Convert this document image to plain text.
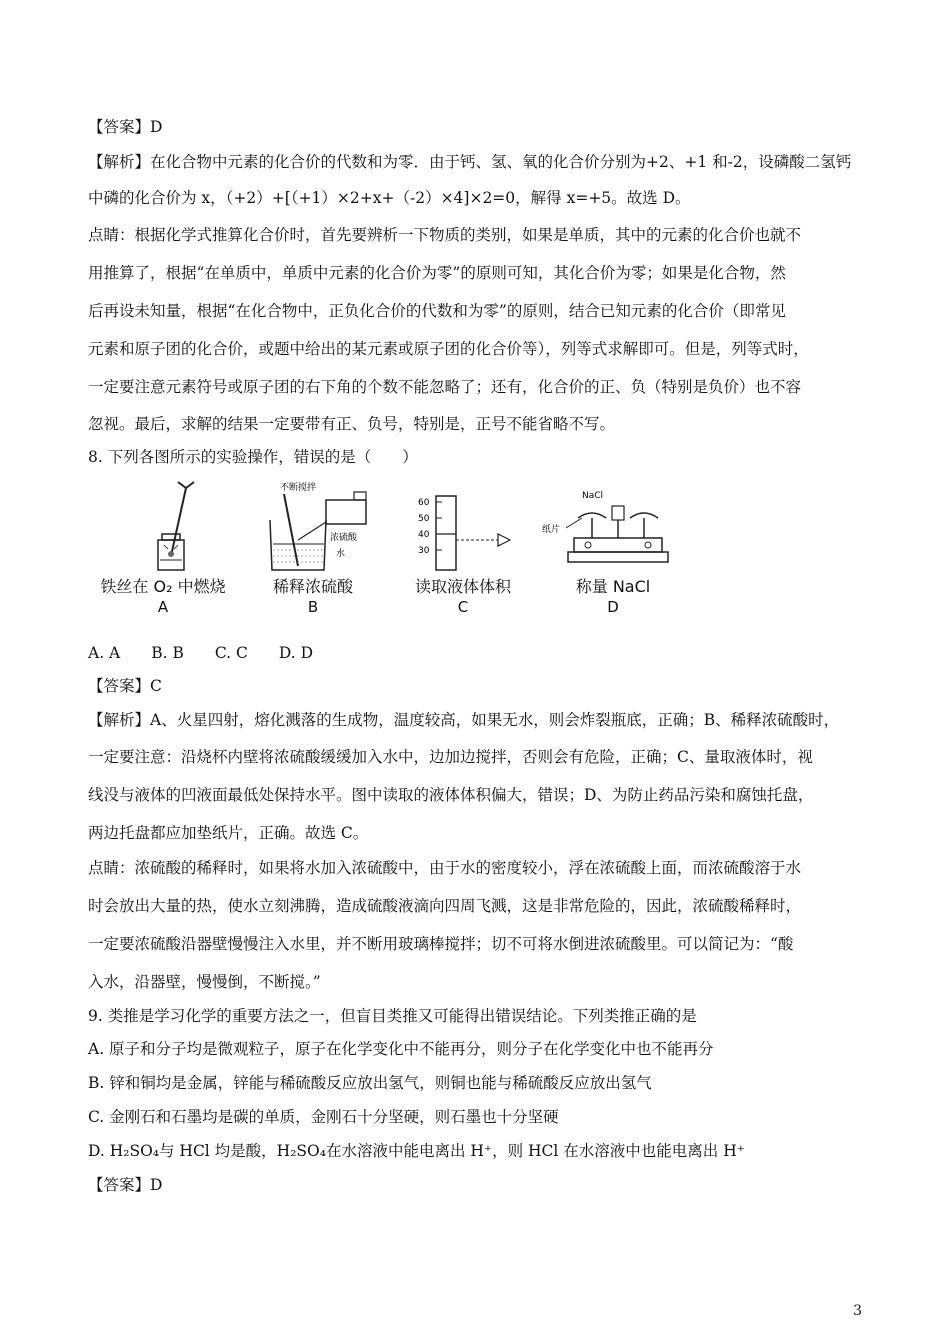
【答案】D
【解析】在化合物中元素的化合价的代数和为零．由于钙、氢、氧的化合价分别为+2、+1 和-2，设磷酸二氢钙
中磷的化合价为 x，（+2）+[（+1）×2+x+（-2）×4]×2=0，解得 x=+5。故选 D。
点睛：根据化学式推算化合价时，首先要辨析一下物质的类别，如果是单质，其中的元素的化合价也就不
用推算了，根据“在单质中，单质中元素的化合价为零”的原则可知，其化合价为零；如果是化合物，然
后再设未知量，根据“在化合物中，正负化合价的代数和为零”的原则，结合已知元素的化合价（即常见
元素和原子团的化合价，或题中给出的某元素或原子团的化合价等），列等式求解即可。但是，列等式时，
一定要注意元素符号或原子团的右下角的个数不能忽略了；还有，化合价的正、负（特别是负价）也不容
忽视。最后，求解的结果一定要带有正、负号，特别是，正号不能省略不写。
8. 下列各图所示的实验操作，错误的是（　　）
铁丝在 O₂ 中燃烧
A
不断搅拌
浓硫酸
水
稀释浓硫酸
B
60
50
40
30
读取液体体积
C
NaCl
纸片
称量 NaCl
D
A. A　　B. B　　C. C　　D. D
【答案】C
【解析】A、火星四射，熔化溅落的生成物，温度较高，如果无水，则会炸裂瓶底，正确；B、稀释浓硫酸时，
一定要注意：沿烧杯内壁将浓硫酸缓缓加入水中，边加边搅拌，否则会有危险，正确；C、量取液体时，视
线没与液体的凹液面最低处保持水平。图中读取的液体体积偏大，错误；D、为防止药品污染和腐蚀托盘，
两边托盘都应加垫纸片，正确。故选 C。
点睛：浓硫酸的稀释时，如果将水加入浓硫酸中，由于水的密度较小，浮在浓硫酸上面，而浓硫酸溶于水
时会放出大量的热，使水立刻沸腾，造成硫酸液滴向四周飞溅，这是非常危险的，因此，浓硫酸稀释时，
一定要浓硫酸沿器壁慢慢注入水里，并不断用玻璃棒搅拌；切不可将水倒进浓硫酸里。可以简记为：“酸
入水，沿器壁，慢慢倒，不断搅。”
9. 类推是学习化学的重要方法之一，但盲目类推又可能得出错误结论。下列类推正确的是
A. 原子和分子均是微观粒子，原子在化学变化中不能再分，则分子在化学变化中也不能再分
B. 锌和铜均是金属，锌能与稀硫酸反应放出氢气，则铜也能与稀硫酸反应放出氢气
C. 金刚石和石墨均是碳的单质，金刚石十分坚硬，则石墨也十分坚硬
D. H₂SO₄与 HCl 均是酸，H₂SO₄在水溶液中能电离出 H⁺，则 HCl 在水溶液中也能电离出 H⁺
【答案】D
3
